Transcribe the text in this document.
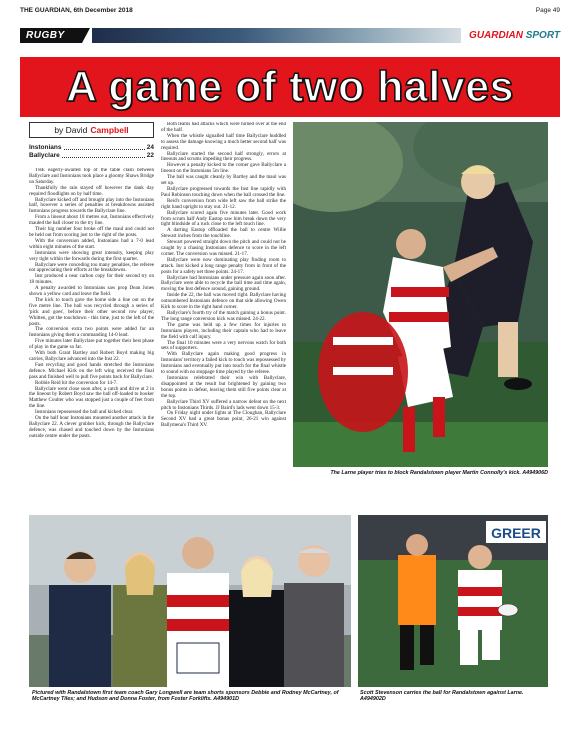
THE GUARDIAN, 6th December 2018	Page 49
RUGBY	GUARDIAN SPORT
A game of two halves
by David Campbell
Instonians	24
Ballyclare	22

THE eagerly-awaited top of the table clash between Ballyclare and Instonians took place a gloomy Shaws Bridge on Saturday.

Thankfully the rain stayed off however the dank day required floodlights on by half time.

Ballyclare kicked off and brought play into the Instonians half, however a series of penalties at breakdowns assisted Instonians progress towards the Ballyclare line.

From a lineout about 10 metres out, Instonians effectively mauled the ball closer to the try line.

Their big number four broke off the maul and could not be held out from scoring just to the right of the posts.

With the conversion added, Instonians had a 7-0 lead within eight minutes of the start.

Instonians were showing great intensity, keeping play very tight within the forwards during the first quarter.

Ballyclare were conceding too many penalties, the referee not appreciating their efforts at the breakdowns.

Inst produced a near carbon copy for their second try on 18 minutes.

A penalty awarded to Instonians saw prop Dean Jones shown a yellow card and leave the field.

The kick to touch gave the home side a line out on the five metre line. The ball was recycled through a series of 'pick and goes', before their other second row player, Whitten, got the touchdown - this time, just to the left of the posts.

The conversion extra two points were added for an Instonians giving them a commanding 14-0 lead.

Five minutes later Ballyclare put together their best phase of play in the game so far.

With both Grant Bartley and Robert Boyd making big carries, Ballyclare advanced into the Inst 22.

Fast recycling and good hands stretched the Instonians defence. Michael Kirk on the left wing received the final pass and finished well to pull five points back for Ballyclare.

Robbie Reid hit the conversion for 14-7.

Ballyclare went close soon after, a catch and drive at 2 in the lineout by Robert Boyd saw the ball off-loaded to hooker Matthew Coulter who was stopped just a couple of feet from the line.

Instonians repossessed the ball and kicked clear.

On the half hour Instonians mounted another attack in the Ballyclare 22. A clever grubber kick, through the Ballyclare defence, was chased and touched down by the Instonians outside centre under the posts.

Both teams had attacks which were turned over at the end of the half.

When the whistle signalled half time Ballyclare huddled to assess the damage knowing a much better second half was required.

Ballyclare started the second half strongly, errors at lineouts and scrums impeding their progress.

However a penalty kicked to the corner gave Ballyclare a lineout on the Instonians 5m line.

The ball was caught cleanly by Bartley and the maul was set up.

Ballyclare progressed towards the Inst line rapidly with Paul Robinson touching down when the ball crossed the line.

Reid's conversion from wide left saw the ball strike the right hand upright to stay out. 21-12.

Ballyclare scored again five minutes later. Good work from scrum half Andy Eastop saw him break down the very tight blindside of a ruck close to the left touch line.

A darting Eastop offloaded the ball to centre Willie Stewart inches from the touchline.

Stewart powered straight down the pitch and could not be caught by a chasing Instonians defence to score in the left corner. The conversion was missed. 21-17.

Ballyclare were now dominating play finding room to attack. Inst kicked a long range penalty from in front of the posts for a safety net three points. 24-17.

Ballyclare had Instonians under pressure again soon after. Ballyclare were able to recycle the ball time and time again, moving the Inst defence around, gaining ground.

Inside the 22, the ball was moved right. Ballyclare having outnumbered Instonians defence on that side allowing Owen Kirk to score in the right hand corner.

Ballyclare's fourth try of the match gaining a bonus point. The long range conversion kick was missed. 24-22.

The game was held up a few times for injuries to Instonians players, including their captain who had to leave the field with calf injury.

The final 10 minutes were a very nervous watch for both sets of supporters.

With Ballyclare again making good progress in Instonians' territory a failed kick to touch was repossessed by Instonians and eventually put into touch for the final whistle to sound with no stoppage time played by the referee.

Instonians celebrated their win with Ballyclare, disappointed at the result but brightened by gaining two bonus points in defeat, leaving them still five points clear at the top.

Ballyclare Third XV suffered a narrow defeat on the next pitch to Instonians Thirds. JJ Baird's lads went down 15-3.

On Friday night under lights at The Cloughan, Ballyclare Second XV had a great bonus point, 26-21 win against Ballymena's Third XV.

The Larne player tries to block Randalstown player Martin Connolly's kick. A494906D
Pictured with Randalstown first team coach Gary Longwell are team shorts sponsors Debbie and Rodney McCartney, of McCartney Tiles; and Hudson and Donna Foster, from Foster Forklifts. A494901D
GREER
Scott Stevenson carries the ball for Randalstown against Larne. A494902D
